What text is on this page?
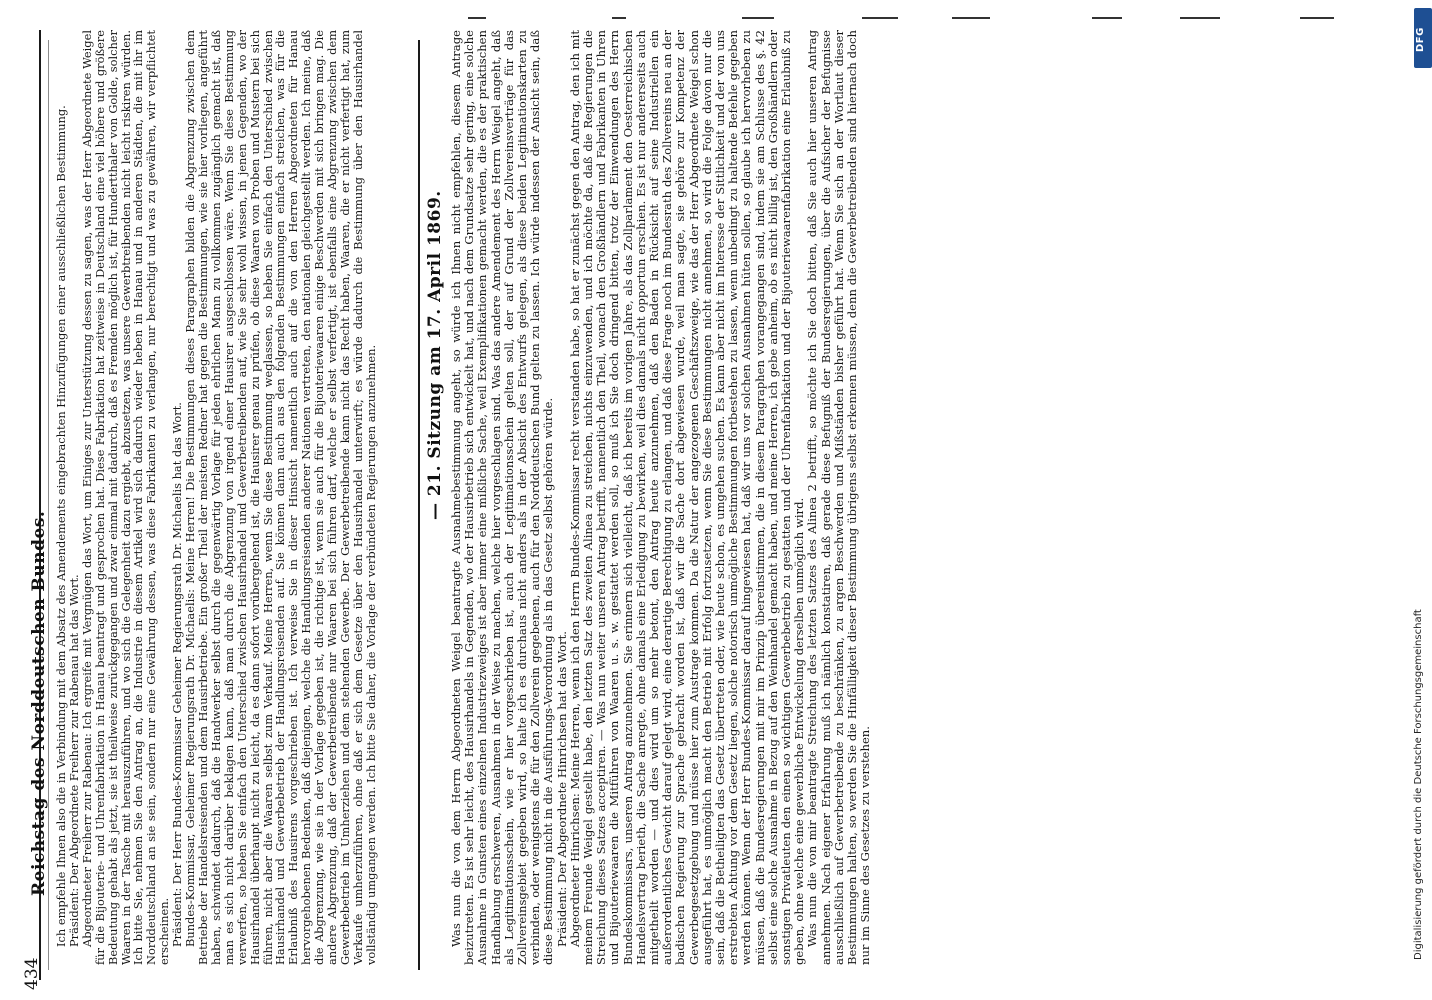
434
Reichstag des Norddeutschen Bundes.
— 21. Sitzung am 17. April 1869.

Ich empfehle Ihnen also die in Verbindung mit dem Absatz des Amendements eingebrachten Hinzufügungen einer ausschließlichen Bestimmung.

Präsident: Der Abgeordnete Freiherr zur Rabenau hat das Wort.

Abgeordneter Freiherr zur Rabenau: Ich ergreife mit Vergnügen das Wort, um Einiges zur Unterstützung dessen zu sagen, was der Herr Abgeordnete Weigel für die Bijouterie- und Uhrenfabrikation in Hanau beantragt und gesprochen hat. Diese Fabrikation hat zeitweise in Deutschland eine viel höhere und größere Bedeutung gehabt als jetzt, sie ist theilweise zurückgegangen und zwar einmal mit dadurch, daß es Fremden möglich ist, für Hundertthaler von Golde, solcher Waaren in der Tasche mit herauszuführen, und wo sich die Gelegenheit dazu ergiebt, abzusetzen, was unsere Gewerbtreibenden nicht leicht riskiren würden. Ich bitte Sie, nehmen Sie den Antrag an, die Industrie in diesem Artikel wird sich dadurch wieder heben in Hanau und in anderen Städten, die mit ihr im Norddeutschland an sie sein, sondern nur eine Gewährung dessen, was diese Fabrikanten zu verlangen, nur berechtigt und was zu gewähren, wir verpflichtet erscheinen.

Präsident: Der Herr Bundes-Kommissar Geheimer Regierungsrath Dr. Michaelis hat das Wort.

Bundes-Kommissar, Geheimer Regierungsrath Dr. Michaelis: Meine Herren! Die Bestimmungen dieses Paragraphen bilden die Abgrenzung zwischen dem Betriebe der Handelsreisenden und dem Hausirbetriebe. Ein großer Theil der meisten Redner hat gegen die Bestimmungen, wie sie hier vorliegen, angeführt haben, schwindet dadurch, daß die Handwerker selbst durch die gegenwärtig Vorlage für jeden ehrlichen Mann zu vollkommen zugänglich gemacht ist, daß man es sich nicht darüber beklagen kann, daß man durch die Abgrenzung von irgend einer Hausirer ausgeschlossen wäre. Wenn Sie diese Bestimmung verwerfen, so heben Sie einfach den Unterschied zwischen Hausirhandel und Gewerbetreibenden auf, wie Sie sehr wohl wissen, in jenen Gegenden, wo der Hausirhandel überhaupt nicht zu leicht, da es dann sofort vorübergehend ist, die Hausirer genau zu prüfen, ob diese Waaren von Proben und Mustern bei sich führen, nicht aber die Waaren selbst zum Verkauf. Meine Herren, wenn Sie diese Bestimmung weglassen, so heben Sie einfach den Unterschied zwischen Hausirhandel und Gewerbebetrieb der Handlungsreisenden auf. Sie können dann auch aus den folgenden Bestimmungen einfach streichen, was für die Erlaubniß des Hausirens vorgeschrieben ist. Ich verweise Sie in dieser Hinsicht namentlich auch auf die von den Herren Abgeordneten für Hanau hervorgehobenen Bedenken, daß diejenigen, welche die Handlungsreisenden anderer Nationen vertreten, den nationalen gleichgestellt werden. Ich meine, daß die Abgrenzung, wie sie in der Vorlage gegeben ist, die richtige ist, wenn sie auch für die Bijouteriewaaren einige Beschwerden mit sich bringen mag. Die andere Abgrenzung, daß der Gewerbetreibende nur Waaren bei sich führen darf, welche er selbst verfertigt, ist ebenfalls eine Abgrenzung zwischen dem Gewerbebetrieb im Umherziehen und dem stehenden Gewerbe. Der Gewerbetreibende kann nicht das Recht haben, Waaren, die er nicht verfertigt hat, zum Verkaufe umherzuführen, ohne daß er sich dem Gesetze über den Hausirhandel unterwirft; es würde dadurch die Bestimmung über den Hausirhandel vollständig umgangen werden. Ich bitte Sie daher, die Vorlage der verbündeten Regierungen anzunehmen.	Was nun die von dem Herrn Abgeordneten Weigel beantragte Ausnahmebestimmung angeht, so würde ich Ihnen nicht empfehlen, diesem Antrage beizutreten. Es ist sehr leicht, des Hausirhandels in Gegenden, wo der Hausirbetrieb sich entwickelt hat, und nach dem Grundsatze sehr gering, eine solche Ausnahme in Gunsten eines einzelnen Industriezweiges ist aber immer eine mißliche Sache, weil Exemplifikationen gemacht werden, die es der praktischen Handhabung erschweren, Ausnahmen in der Weise zu machen, welche hier vorgeschlagen sind. Was das andere Amendement des Herrn Weigel angeht, daß als Legitimationsschein, wie er hier vorgeschrieben ist, auch der Legitimationsschein gelten soll, der auf Grund der Zollvereinsverträge für das Zollvereinsgebiet gegeben wird, so halte ich es durchaus nicht anders als in der Absicht des Entwurfs gelegen, als diese beiden Legitimationskarten zu verbinden, oder wenigstens die für den Zollverein gegebenen, auch für den Norddeutschen Bund gelten zu lassen. Ich würde indessen der Ansicht sein, daß diese Bestimmung nicht in die Ausführungs-Verordnung als in das Gesetz selbst gehören würde. Präsident: Der Abgeordnete Hinrichsen hat das Wort. Abgeordneter Hinrichsen: Meine Herren, wenn ich den Herrn Bundes-Kommissar recht verstanden habe, so hat er zunächst gegen den Antrag, den ich mit meinem Freunde Weigel gestellt habe, den letzten Satz des zweiten Alinea zu streichen, nichts einzuwenden, und ich möchte da, daß die Regierungen die Streichung dieses Satzes acceptiren. — Was nun weiter unseren Antrag betrifft, namentlich den Theil, wonach den Großhändlern und Fabrikanten in Uhren und Bijouteriewaaren die Mitführen von Waaren u. s. w. gestattet werden soll, so muß ich Sie doch dringend bitten, trotz der Einwendungen des Herrn Bundeskommissars, unseren Antrag anzunehmen. Sie erinnern sich vielleicht, daß ich bereits im vorigen Jahre, als das Zollparlament den Oesterreichischen Handelsvertrag berieth, die Sache anregte, ohne damals eine Erledigung zu bewirken, weil dies damals nicht opportun erschien. Es ist nur andererseits auch mitgetheilt worden — und dies wird um so mehr betont, den Antrag heute anzunehmen, daß den Baden in Rücksicht auf seine Industriellen ein außerordentliches Gewicht darauf gelegt wird, eine derartige Berechtigung zu erlangen, und daß diese Frage noch im Bundesrath des Zollvereins neu an der badischen Regierung zur Sprache gebracht worden ist, daß wir die Sache dort abgewiesen wurde, weil man sagte, sie gehöre zur Kompetenz der Gewerbegesetzgebung und müsse hier zum Austrage kommen. Da die Natur der angezogenen Geschäftszweige, wie das der Herr Abgeordnete Weigel schon ausgeführt hat, es unmöglich macht den Betrieb mit Erfolg fortzusetzen, wenn Sie diese Bestimmungen nicht annehmen, so wird die Folge davon nur die sein, daß die Betheiligten das Gesetz übertreten oder, wie heute schon, es umgehen suchen. Es kann aber nicht im Interesse der Sittlichkeit und der von uns erstrebten Achtung vor dem Gesetz liegen, solche notorisch unmögliche Bestimmungen fortbestehen zu lassen, wenn unbedingt zu haltende Befehle gegeben werden können. Wenn der Herr Bundes-Kommissar darauf hingewiesen hat, daß wir uns vor solchen Ausnahmen hüten sollen, so glaube ich hervorheben zu müssen, daß die Bundesregierungen mit mir im Prinzip übereinstimmen, die in diesem Paragraphen vorangegangen sind, indem sie am Schlusse des §. 42 selbst eine solche Ausnahme in Bezug auf den Weinhandel gemacht haben, und meine Herren, ich gebe anheim, ob es nicht billig ist, den Großhändlern oder sonstigen Privatleuten den einen so wichtigen Gewerbebetrieb zu gestatten und der Uhrenfabrikation und der Bijouteriewaarenfabrikation eine Erlaubniß zu geben, ohne welche eine gewerbliche Entwickelung derselben unmöglich wird. Was nun die von mir beantragte Streichung des letzten Satzes des Alinea 2 betrifft, so möchte ich Sie doch bitten, daß Sie auch hier unseren Antrag annehmen. Nach eigener Erfahrung muß ich nämlich konstatiren, daß gerade diese Befugniß der Bundesregierungen, über die Aufsicher der Befugnisse ausschließlich auf Gewerbetreibende zu beschränken, zu argen Beschwerden und Mißständen bisher geführt hat. Wenn Sie sich an der Wortlaut dieser Bestimmungen halten, so werden Sie die Hinfälligkeit dieser Bestimmung übrigens selbst erkennen müssen, denn die Gewerbetreibenden sind hiernach doch nur im Sinne des Gesetzes zu verstehen.	Digitalisierung gefördert durch die Deutsche Forschungsgemeinschaft
DFG
